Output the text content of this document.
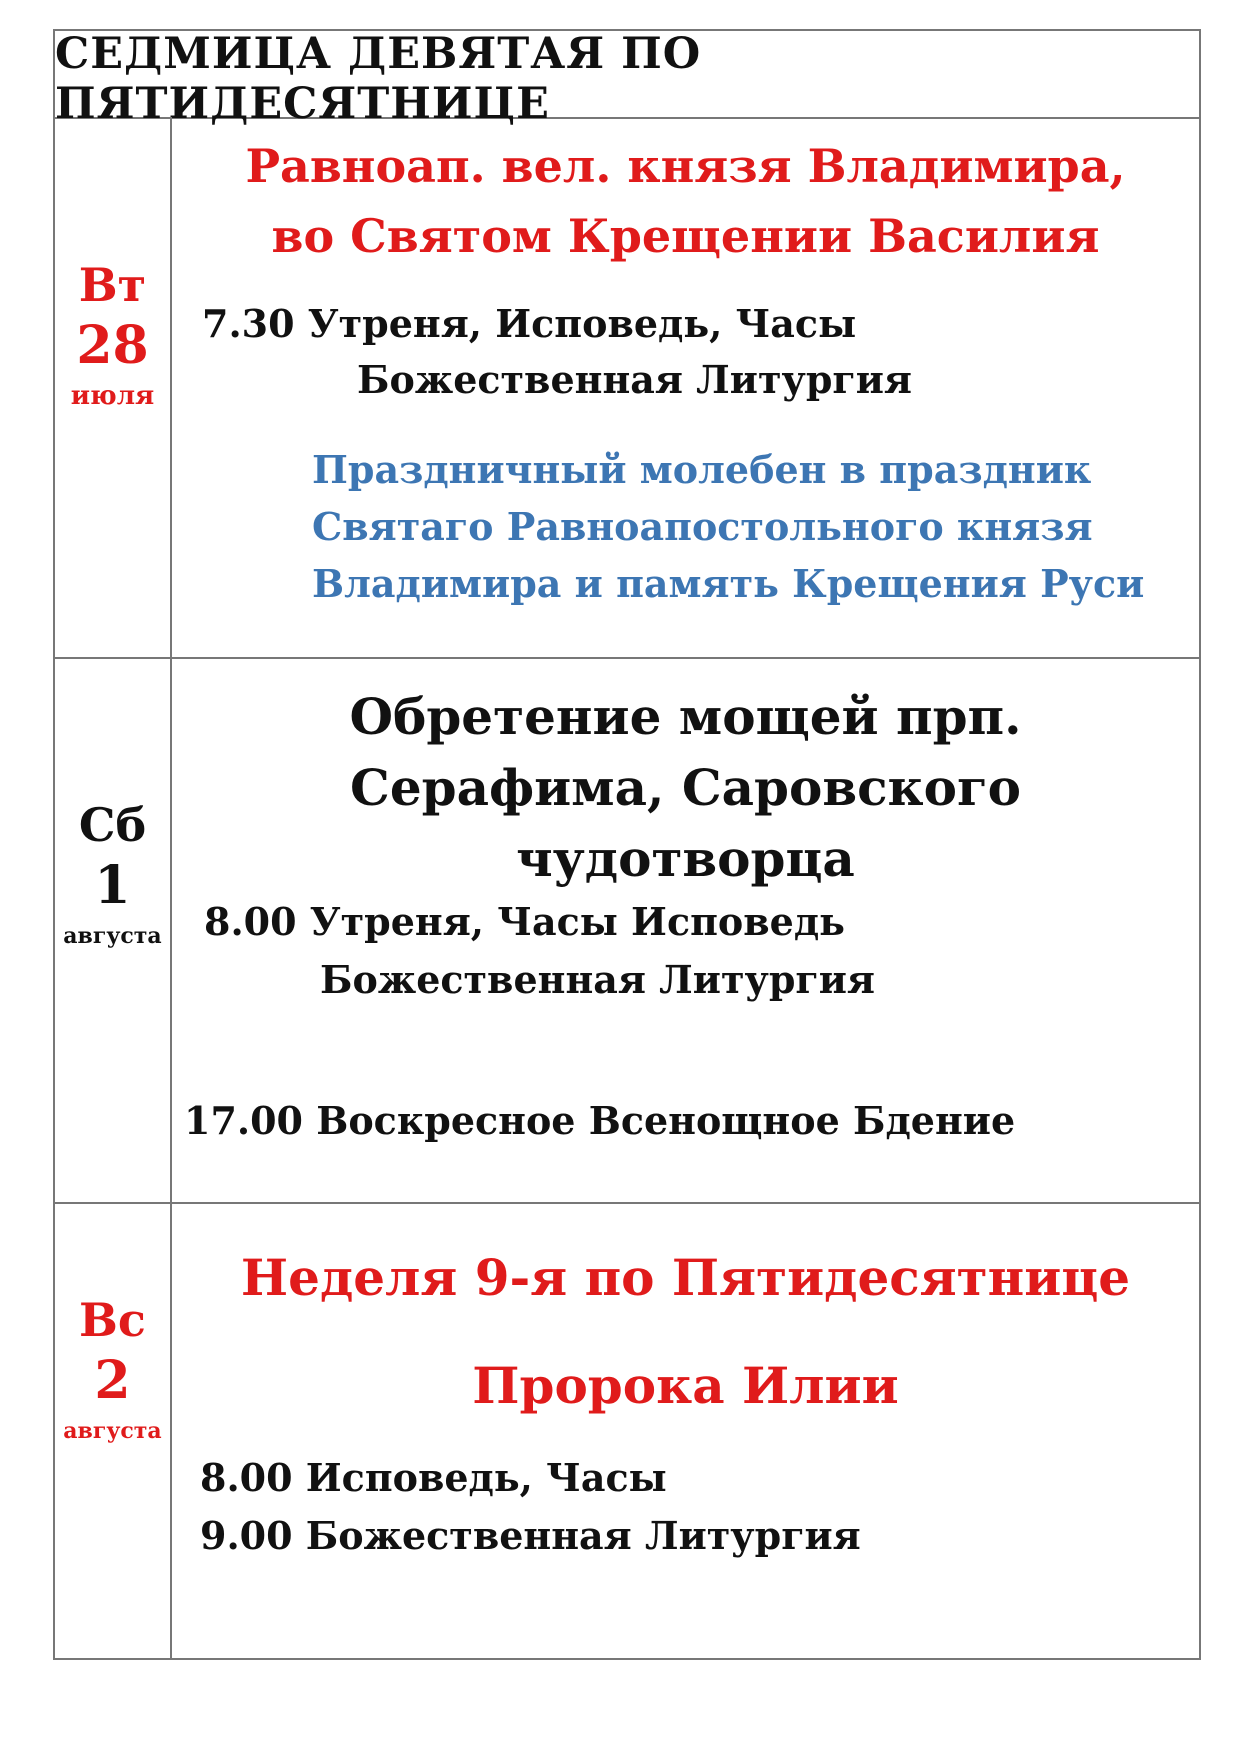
СЕДМИЦА ДЕВЯТАЯ ПО ПЯТИДЕСЯТНИЦЕ
Вт
28
июля
Равноап. вел. князя Владимира,
во Святом Крещении Василия
7.30 Утреня, Исповедь, Часы
Божественная Литургия
Праздничный молебен в праздник
Святаго Равноапостольного князя
Владимира и память Крещения Руси
Сб
1
августа
Обретение мощей прп.
Серафима, Саровского
чудотворца
8.00 Утреня, Часы Исповедь
Божественная Литургия
17.00 Воскресное Всенощное Бдение
Вс
2
августа
Неделя 9-я по Пятидесятнице
Пророка Илии
8.00 Исповедь, Часы
9.00 Божественная Литургия
